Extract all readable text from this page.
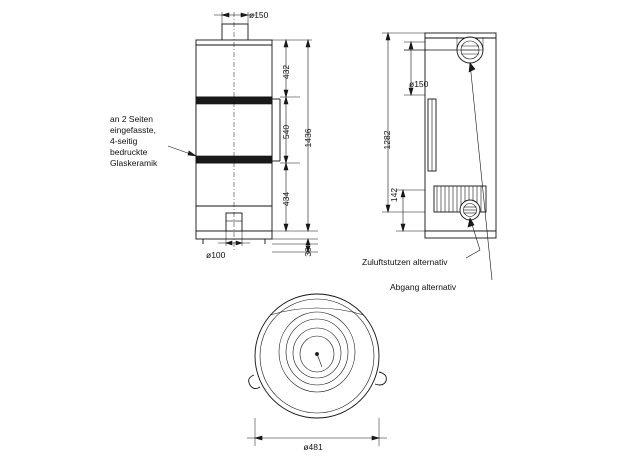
ø150
432
540
434
1436
30
ø100
an 2 Seiten
eingefasste,
4-seitig
bedruckte
Glaskeramik
ø150
1282
142
Zuluftstutzen alternativ
Abgang alternativ
ø481
